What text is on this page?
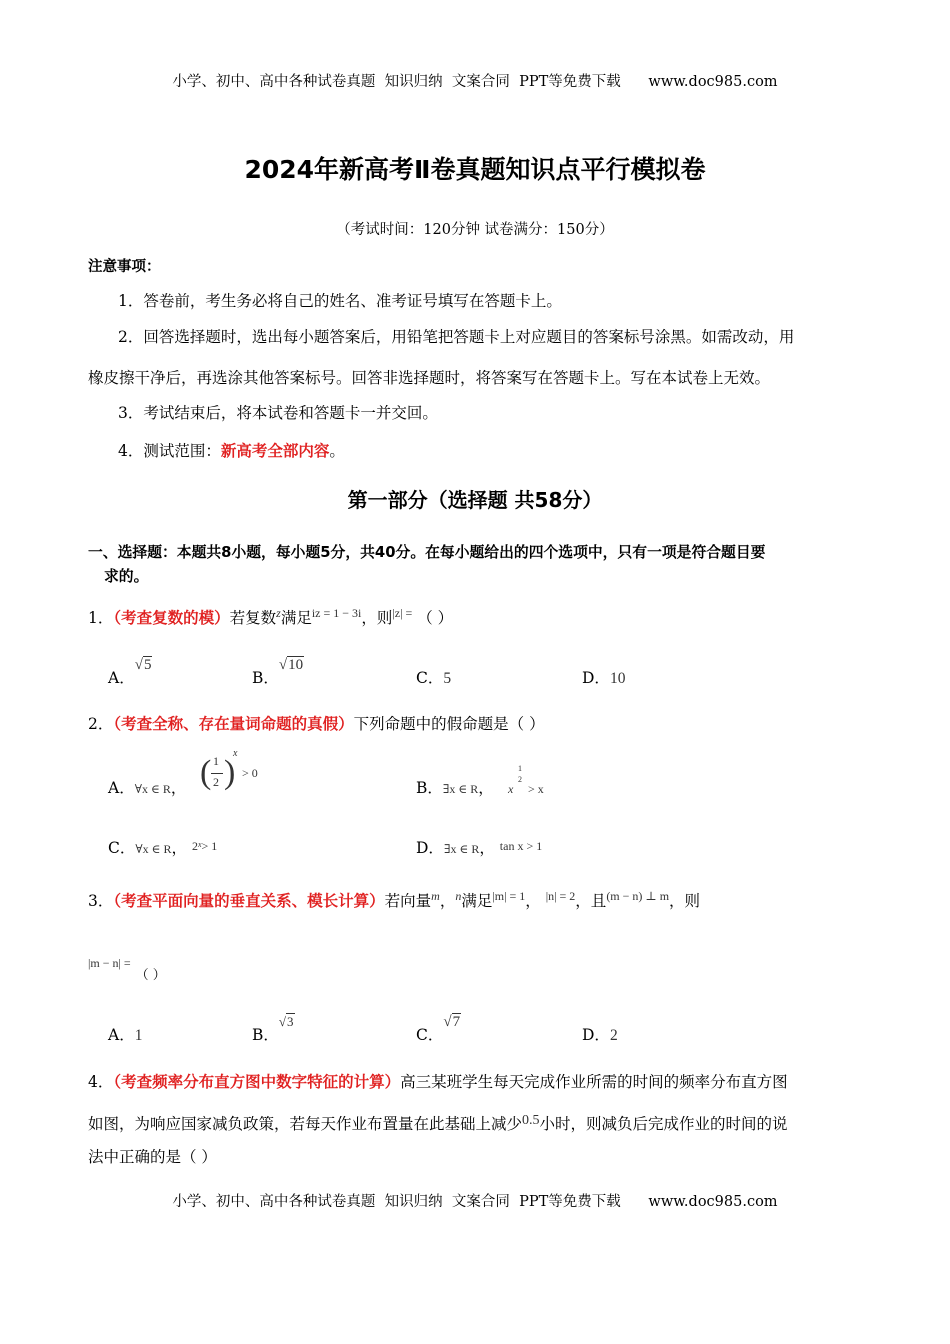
小学、初中、高中各种试卷真题  知识归纳  文案合同  PPT等免费下载      www.doc985.com
2024年新高考Ⅱ卷真题知识点平行模拟卷
（考试时间：120分钟 试卷满分：150分）
注意事项：
1．答卷前，考生务必将自己的姓名、准考证号填写在答题卡上。
2．回答选择题时，选出每小题答案后，用铅笔把答题卡上对应题目的答案标号涂黑。如需改动，用
橡皮擦干净后，再选涂其他答案标号。回答非选择题时，将答案写在答题卡上。写在本试卷上无效。
3．考试结束后，将本试卷和答题卡一并交回。
4．测试范围：新高考全部内容。
第一部分（选择题 共58分）
一、选择题：本题共8小题，每小题5分，共40分。在每小题给出的四个选项中，只有一项是符合题目要
求的。
1．（考查复数的模）若复数$^z$满足$^{iz = 1 - 3i}$，则$^{|z| =}$ （ ）
A．√5
B．√10
C．5	D．10
2．（考查全称、存在量词命题的真假）下列命题中的假命题是（ ）
A．∀x ∈ R， ( 1
2 )
x
> 0
B．∃x ∈ R，
1
2
x > x
C．∀x ∈ R， $2^x> 1$	D．∃x ∈ R， tan x > 1
3．（考查平面向量的垂直关系、模长计算）若向量$^m$，$^n$满足$^{|m| = 1}$， $^{|n| = 2}$，且$^{(m - n) \perp m}$，则
$^{|m - n| =}$ $_{( )}$
A．1	B．$^{√3}$
C．√7
D．2
4．（考查频率分布直方图中数字特征的计算）高三某班学生每天完成作业所需的时间的频率分布直方图
如图，为响应国家减负政策，若每天作业布置量在此基础上减少0.5小时，则减负后完成作业的时间的说
法中正确的是（ ）
小学、初中、高中各种试卷真题  知识归纳  文案合同  PPT等免费下载      www.doc985.com
